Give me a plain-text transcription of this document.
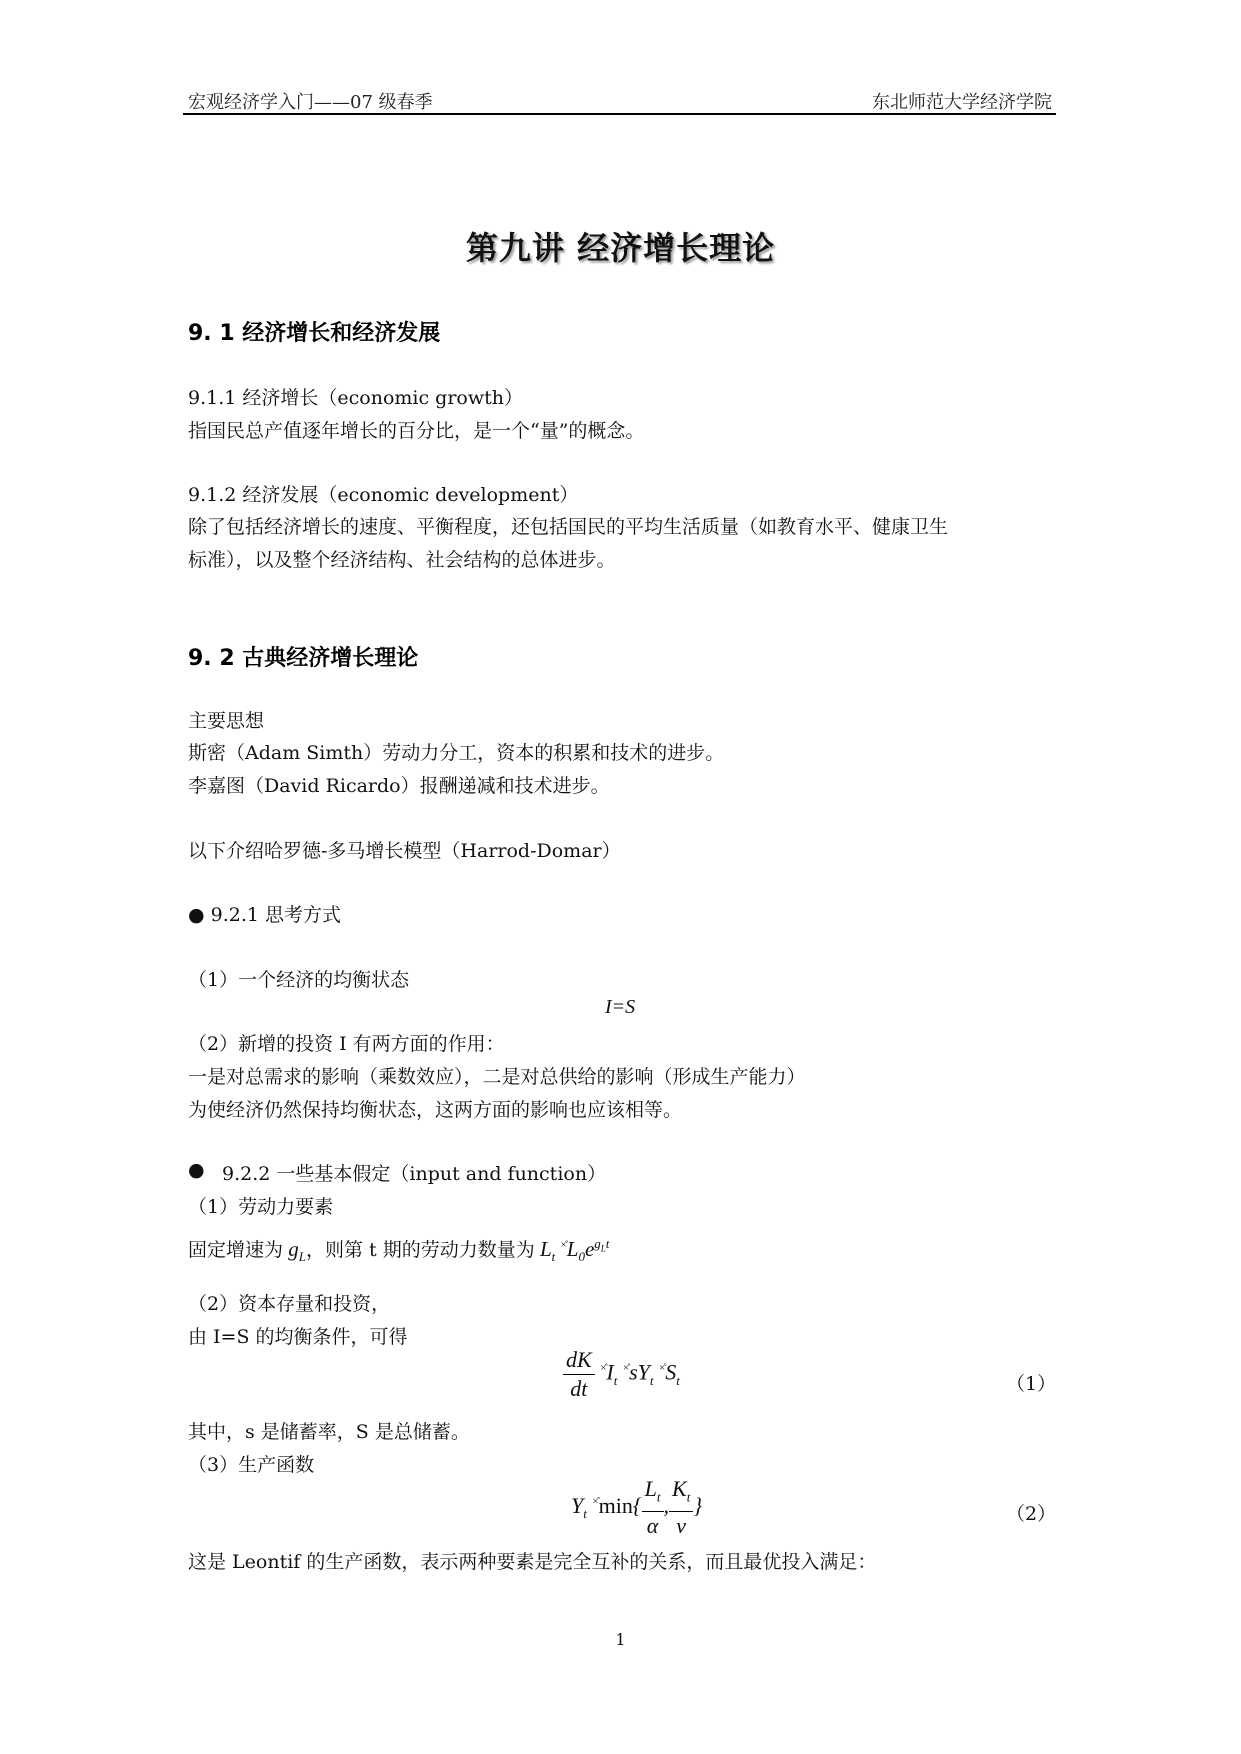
宏观经济学入门——07 级春季	东北师范大学经济学院
第九讲 经济增长理论
9. 1 经济增长和经济发展
9.1.1 经济增长（economic growth）
指国民总产值逐年增长的百分比，是一个“量”的概念。
9.1.2 经济发展（economic development）
除了包括经济增长的速度、平衡程度，还包括国民的平均生活质量（如教育水平、健康卫生
标准），以及整个经济结构、社会结构的总体进步。
9. 2 古典经济增长理论
主要思想
斯密（Adam Simth）劳动力分工，资本的积累和技术的进步。
李嘉图（David Ricardo）报酬递减和技术进步。
以下介绍哈罗德-多马增长模型（Harrod-Domar）
● 9.2.1 思考方式
（1）一个经济的均衡状态
I=S
（2）新增的投资 I 有两方面的作用：
一是对总需求的影响（乘数效应），二是对总供给的影响（形成生产能力）
为使经济仍然保持均衡状态，这两方面的影响也应该相等。
● 9.2.2 一些基本假定（input and function）
（1）劳动力要素
固定增速为 $g_L$，则第 t 期的劳动力数量为 $L_t$ $^{\times̊}L_0e^{g_Lt}$
（2）资本存量和投资，
由 I=S 的均衡条件，可得
$\frac{dK}{dt} ^{\times̊}I_t$ $^{\times̊}sY_t$ $^{\times̊}S_t$	（1）
其中，s 是储蓄率，S 是总储蓄。
（3）生产函数
$Y_t$ $^{\times̊}\min\{ \frac{L_t}{\alpha}$ , $\frac{K_t}{v}$ }	（2）
这是 Leontif 的生产函数，表示两种要素是完全互补的关系，而且最优投入满足：
1
